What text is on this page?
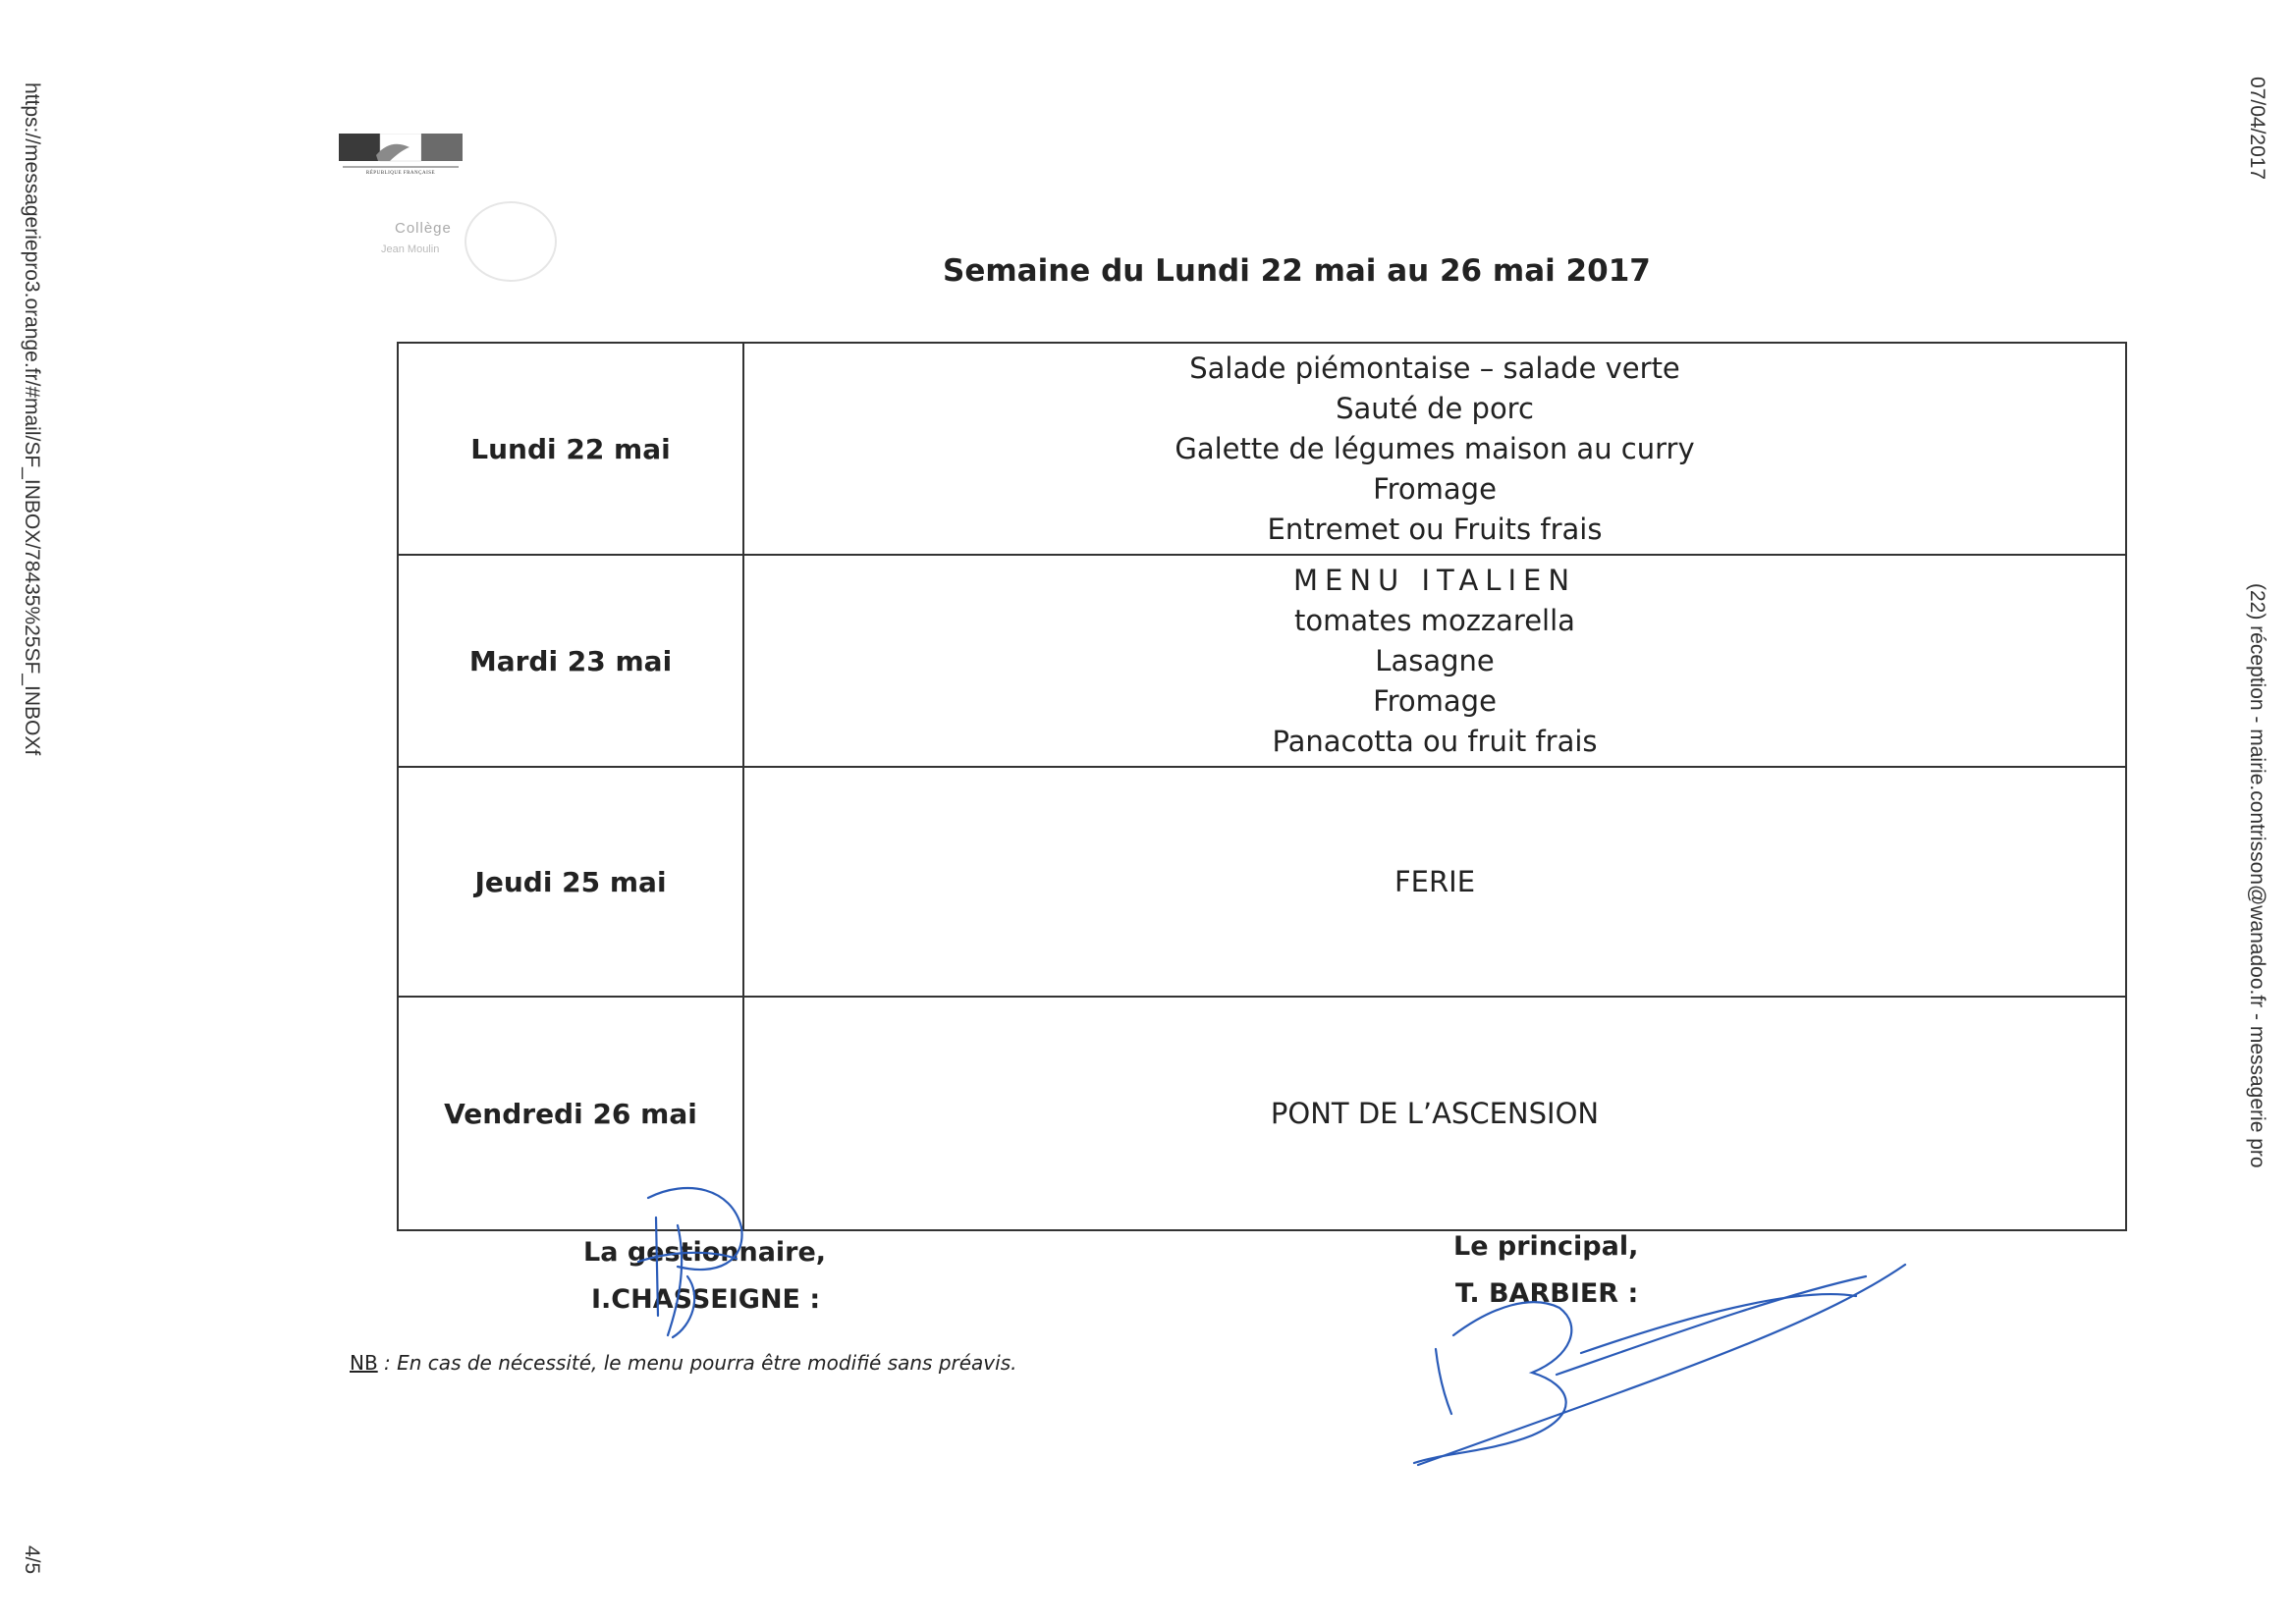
https://messageriepro3.orange.fr/#mail/SF_INBOX/78435%25SF_INBOXf
4/5
07/04/2017
(22) réception - mairie.contrisson@wanadoo.fr - messagerie pro
RÉPUBLIQUE FRANÇAISE
Collège
Jean Moulin
Semaine du Lundi 22 mai au 26 mai 2017
Lundi 22 mai
Salade piémontaise – salade verte
Sauté de porc
Galette de légumes maison au curry
Fromage
Entremet ou Fruits frais
Mardi 23 mai
MENU ITALIEN
tomates mozzarella
Lasagne
Fromage
Panacotta ou fruit frais
Jeudi 25 mai	FERIE
Vendredi 26 mai	PONT DE L’ASCENSION
La gestionnaire,
I.CHASSEIGNE :
Le principal,
T. BARBIER :
NB : En cas de nécessité, le menu pourra être modifié sans préavis.
